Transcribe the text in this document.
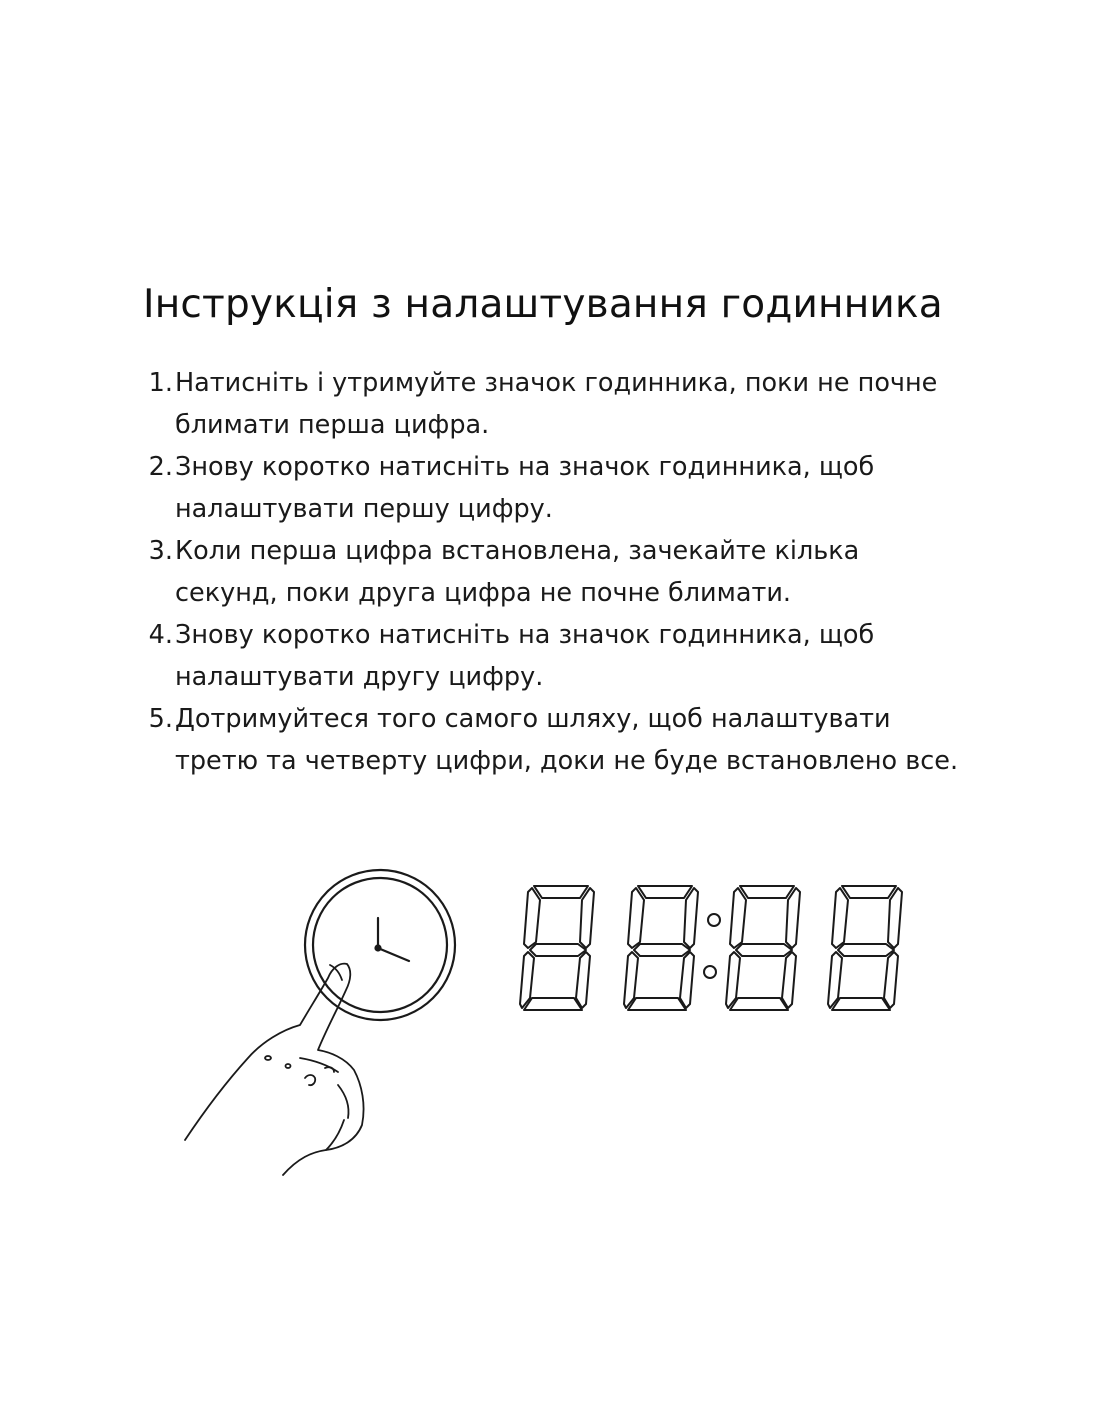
Інструкція з налаштування годинника
1. Натисніть і утримуйте значок годинника, поки не почне блимати перша цифра.
2. Знову коротко натисніть на значок годинника, щоб налаштувати першу цифру.
3. Коли перша цифра встановлена, зачекайте кілька секунд, поки друга цифра не почне блимати.
4. Знову коротко натисніть на значок годинника, щоб налаштувати другу цифру.
5. Дотримуйтеся того самого шляху, щоб налаштувати третю та четверту цифри, доки не буде встановлено все.
